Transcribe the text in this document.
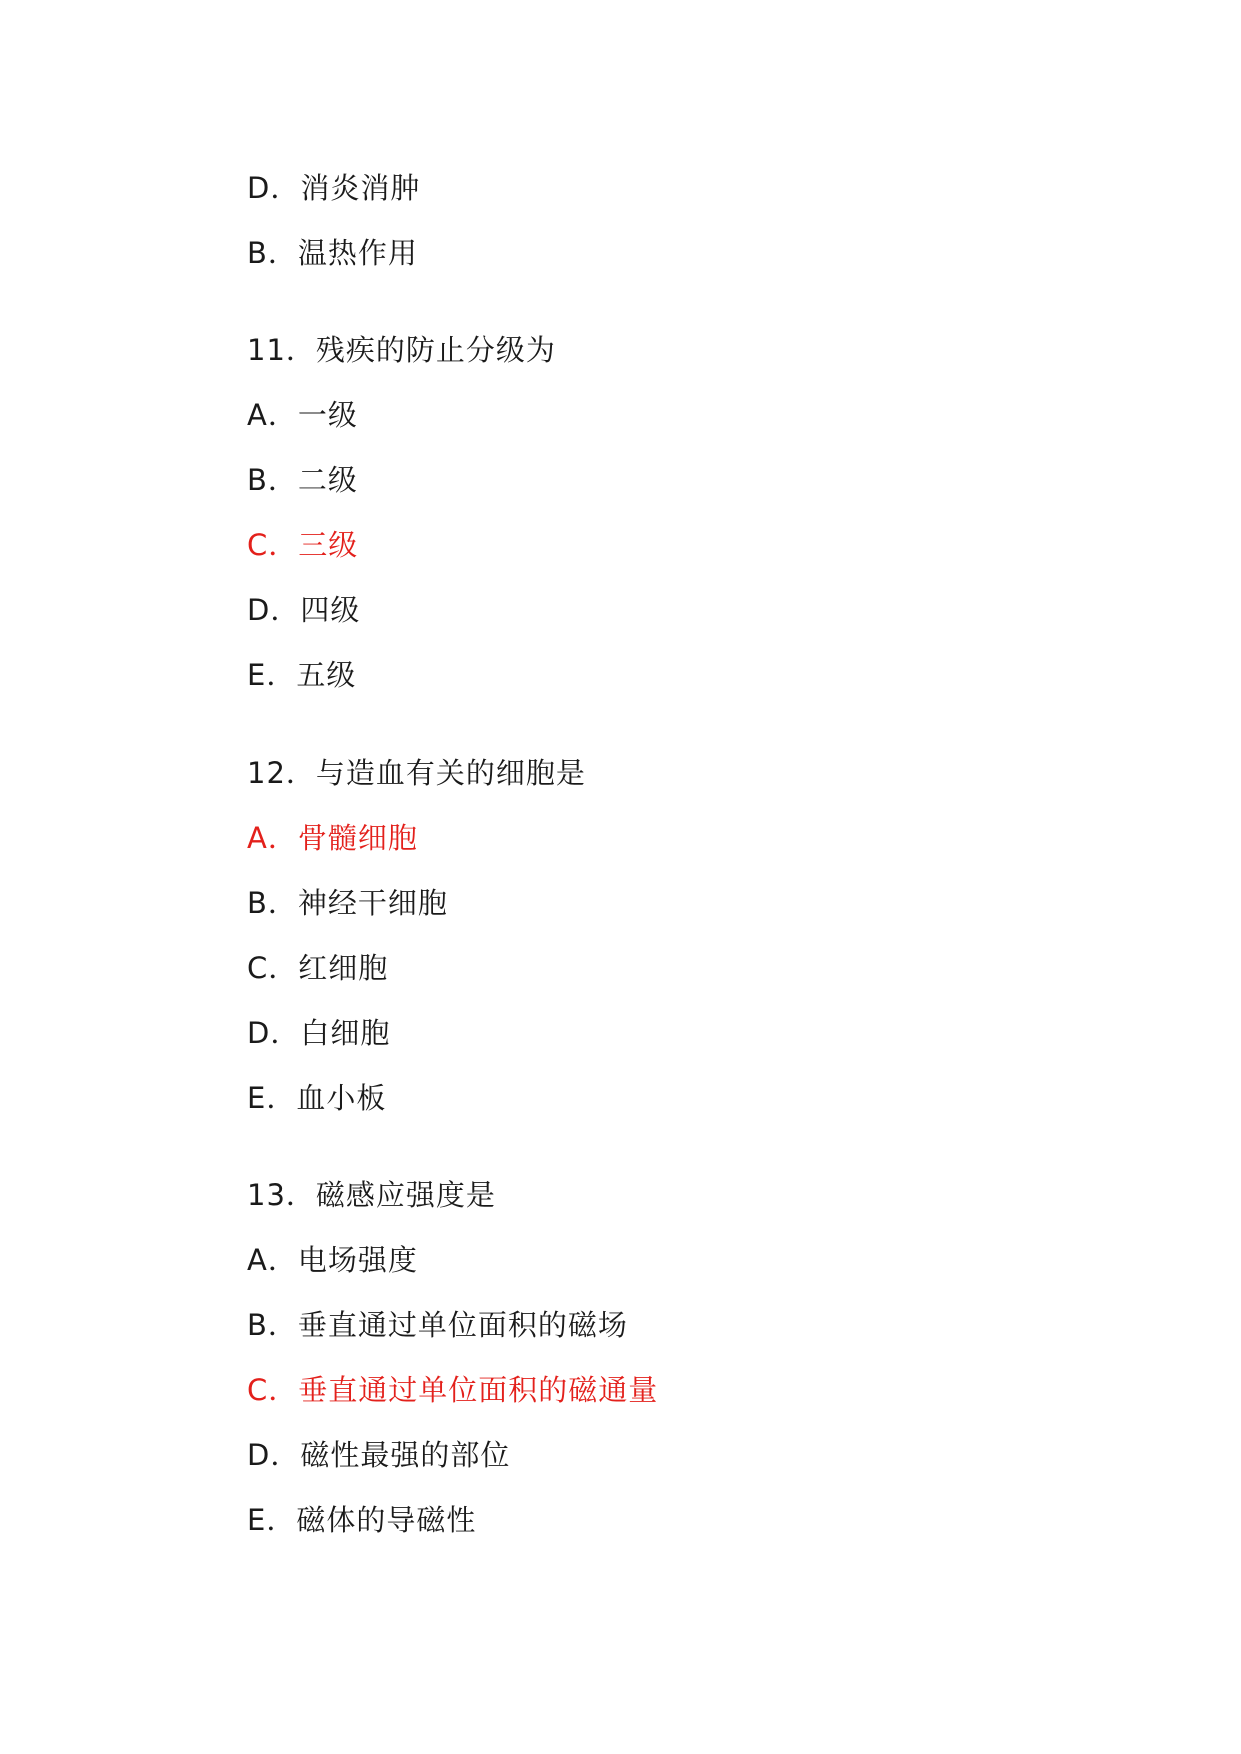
D．消炎消肿
B．温热作用
11．残疾的防止分级为
A．一级
B．二级
C．三级
D．四级
E．五级
12．与造血有关的细胞是
A．骨髓细胞
B．神经干细胞
C．红细胞
D．白细胞
E．血小板
13．磁感应强度是
A．电场强度
B．垂直通过单位面积的磁场
C．垂直通过单位面积的磁通量
D．磁性最强的部位
E．磁体的导磁性
